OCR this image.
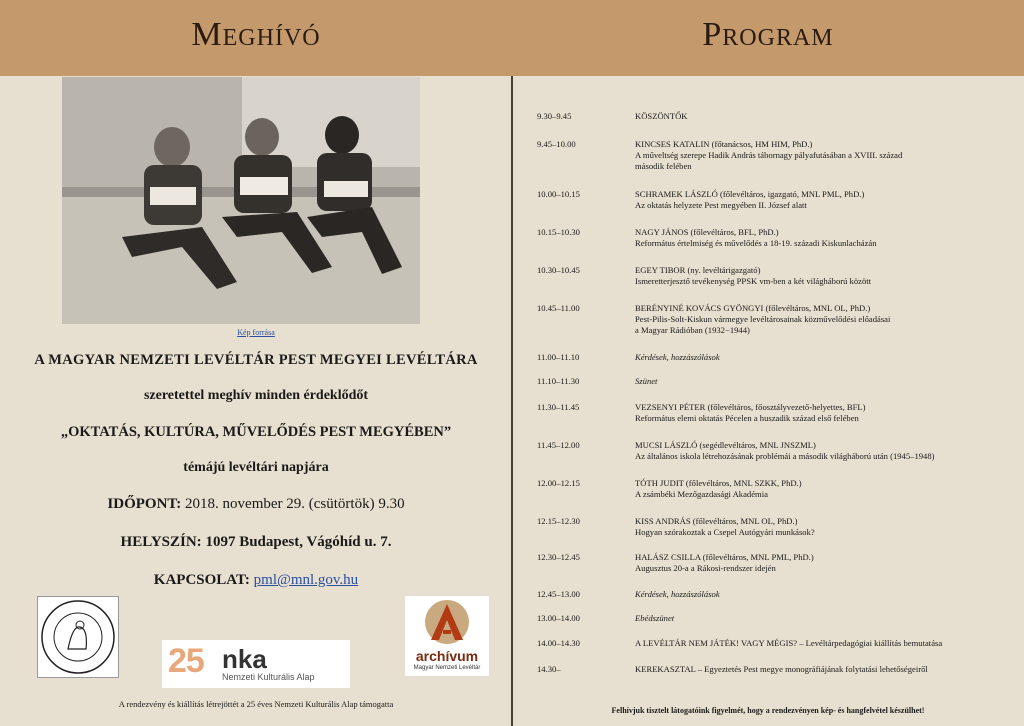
Meghívó	Program
Kép forrása
A MAGYAR NEMZETI LEVÉLTÁR PEST MEGYEI LEVÉLTÁRA
szeretettel meghív minden érdeklődőt
„OKTATÁS, KULTÚRA, MŰVELŐDÉS PEST MEGYÉBEN”
témájú levéltári napjára
IDŐPONT: 2018. november 29. (csütörtök) 9.30
HELYSZÍN: 1097 Budapest, Vágóhíd u. 7.
KAPCSOLAT: pml@mnl.gov.hu
25 nka
Nemzeti Kulturális Alap
archívum
Magyar Nemzeti Levéltár
A rendezvény és kiállítás létrejöttét a 25 éves Nemzeti Kulturális Alap támogatta
9.30–9.45	KÖSZÖNTŐK
9.45–10.00	KINCSES KATALIN (főtanácsos, HM HIM, PhD.)
A műveltség szerepe Hadik András tábornagy pályafutásában a XVIII. század
második felében
10.00–10.15	SCHRAMEK LÁSZLÓ (főlevéltáros, igazgató, MNL PML, PhD.)
Az oktatás helyzete Pest megyében II. József alatt
10.15–10.30	NAGY JÁNOS (főlevéltáros, BFL, PhD.)
Református értelmiség és művelődés a 18-19. századi Kiskunlacházán
10.30–10.45	EGEY TIBOR (ny. levéltárigazgató)
Ismeretterjesztő tevékenység PPSK vm-ben a két világháború között
10.45–11.00	BERÉNYINÉ KOVÁCS GYÖNGYI (főlevéltáros, MNL OL, PhD.)
Pest-Pilis-Solt-Kiskun vármegye levéltárosainak közművelődési előadásai
a Magyar Rádióban (1932−1944)
11.00–11.10	Kérdések, hozzászólások
11.10–11.30	Szünet
11.30–11.45	VEZSENYI PÉTER (főlevéltáros, főosztályvezető-helyettes, BFL)
Református elemi oktatás Pécelen a huszadik század első felében
11.45–12.00	MUCSI LÁSZLÓ (segédlevéltáros, MNL JNSZML)
Az általános iskola létrehozásának problémái a második világháború után (1945–1948)
12.00–12.15	TÓTH JUDIT (főlevéltáros, MNL SZKK, PhD.)
A zsámbéki Mezőgazdasági Akadémia
12.15–12.30	KISS ANDRÁS (főlevéltáros, MNL OL, PhD.)
Hogyan szórakoztak a Csepel Autógyári munkások?
12.30–12.45	HALÁSZ CSILLA (főlevéltáros, MNL PML, PhD.)
Augusztus 20-a a Rákosi-rendszer idején
12.45–13.00	Kérdések, hozzászólások
13.00–14.00	Ebédszünet
14.00–14.30	A LEVÉLTÁR NEM JÁTÉK! VAGY MÉGIS? – Levéltárpedagógiai kiállítás bemutatása
14.30–	KEREKASZTAL – Egyeztetés Pest megye monográfiájának folytatási lehetőségeiről
Felhívjuk tisztelt látogatóink figyelmét, hogy a rendezvényen kép- és hangfelvétel készülhet!
